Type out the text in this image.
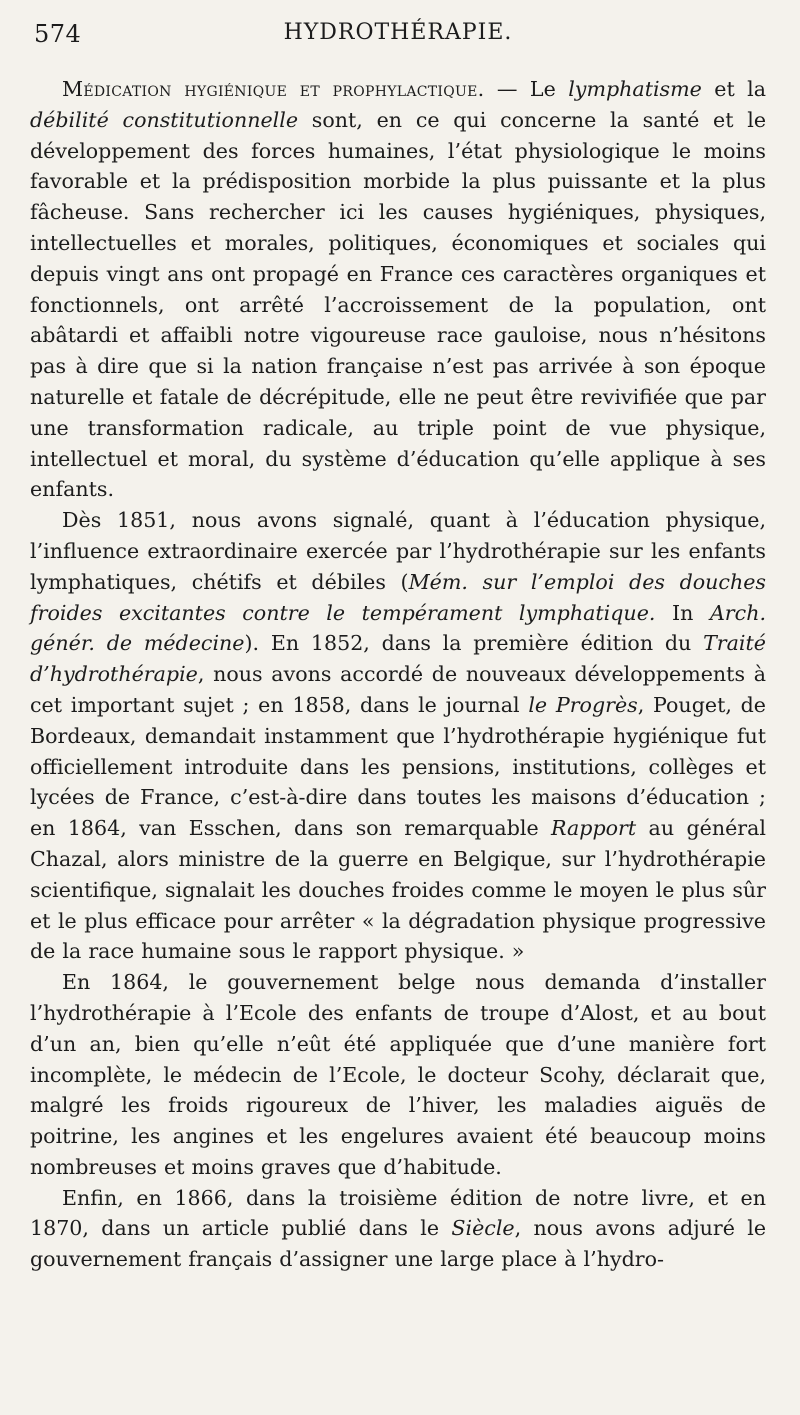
574	HYDROTHÉRAPIE.

Médication hygiénique et prophylactique. — Le lymphatisme et la débilité constitutionnelle sont, en ce qui concerne la santé et le développement des forces humaines, l’état physiologique le moins favorable et la prédisposition morbide la plus puissante et la plus fâcheuse. Sans rechercher ici les causes hygiéniques, physiques, intellectuelles et morales, politiques, économiques et sociales qui depuis vingt ans ont propagé en France ces caractères organiques et fonctionnels, ont arrêté l’accroissement de la population, ont abâtardi et affaibli notre vigoureuse race gauloise, nous n’hésitons pas à dire que si la nation française n’est pas arrivée à son époque naturelle et fatale de décrépitude, elle ne peut être revivifiée que par une transformation radicale, au triple point de vue physique, intellectuel et moral, du système d’éducation qu’elle applique à ses enfants.

Dès 1851, nous avons signalé, quant à l’éducation physique, l’influence extraordinaire exercée par l’hydrothérapie sur les enfants lymphatiques, chétifs et débiles (Mém. sur l’emploi des douches froides excitantes contre le tempérament lymphatique. In Arch. génér. de médecine). En 1852, dans la première édition du Traité d’hydrothérapie, nous avons accordé de nouveaux développements à cet important sujet ; en 1858, dans le journal le Progrès, Pouget, de Bordeaux, demandait instamment que l’hydrothérapie hygiénique fut officiellement introduite dans les pensions, institutions, collèges et lycées de France, c’est-à-dire dans toutes les maisons d’éducation ; en 1864, van Esschen, dans son remarquable Rapport au général Chazal, alors ministre de la guerre en Belgique, sur l’hydrothérapie scientifique, signalait les douches froides comme le moyen le plus sûr et le plus efficace pour arrêter « la dégradation physique progressive de la race humaine sous le rapport physique. »

En 1864, le gouvernement belge nous demanda d’installer l’hydrothérapie à l’Ecole des enfants de troupe d’Alost, et au bout d’un an, bien qu’elle n’eût été appliquée que d’une manière fort incomplète, le médecin de l’Ecole, le docteur Scohy, déclarait que, malgré les froids rigoureux de l’hiver, les maladies aiguës de poitrine, les angines et les engelures avaient été beaucoup moins nombreuses et moins graves que d’habitude.

Enfin, en 1866, dans la troisième édition de notre livre, et en 1870, dans un article publié dans le Siècle, nous avons adjuré le gouvernement français d’assigner une large place à l’hydro-
